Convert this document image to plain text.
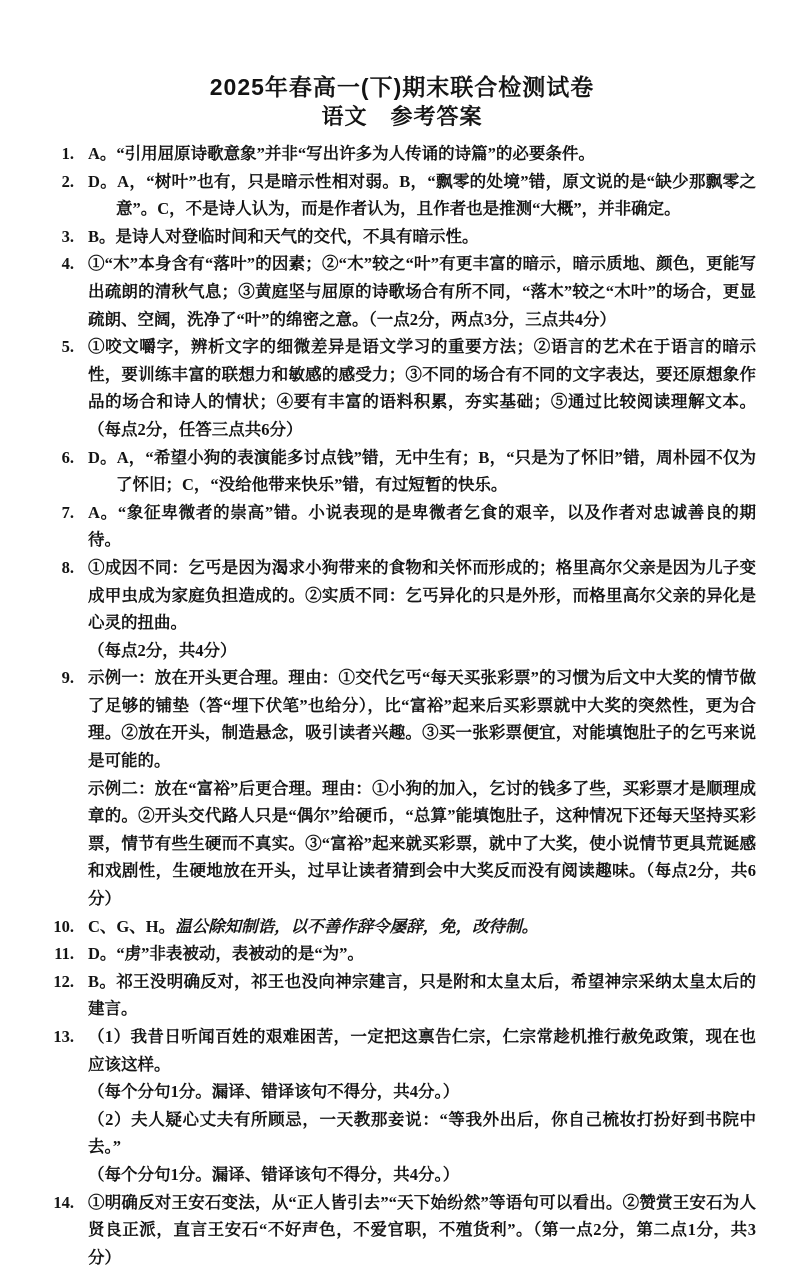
2025年春高一(下)期末联合检测试卷
语文　参考答案
1. A。“引用屈原诗歌意象”并非“写出许多为人传诵的诗篇”的必要条件。
2. D。A，“树叶”也有，只是暗示性相对弱。B，“飘零的处境”错，原文说的是“缺少那飘零之意”。C，不是诗人认为，而是作者认为，且作者也是推测“大概”，并非确定。
3. B。是诗人对登临时间和天气的交代，不具有暗示性。
4. ①“木”本身含有“落叶”的因素；②“木”较之“叶”有更丰富的暗示，暗示质地、颜色，更能写出疏朗的清秋气息；③黄庭坚与屈原的诗歌场合有所不同，“落木”较之“木叶”的场合，更显疏朗、空阔，洗净了“叶”的绵密之意。（一点2分，两点3分，三点共4分）
5. ①咬文嚼字，辨析文字的细微差异是语文学习的重要方法；②语言的艺术在于语言的暗示性，要训练丰富的联想力和敏感的感受力；③不同的场合有不同的文字表达，要还原想象作品的场合和诗人的情状；④要有丰富的语料积累，夯实基础；⑤通过比较阅读理解文本。（每点2分，任答三点共6分）
6. D。A，“希望小狗的表演能多讨点钱”错，无中生有；B，“只是为了怀旧”错，周朴园不仅为了怀旧；C，“没给他带来快乐”错，有过短暂的快乐。
7. A。“象征卑微者的崇高”错。小说表现的是卑微者乞食的艰辛，以及作者对忠诚善良的期待。
8. ①成因不同：乞丐是因为渴求小狗带来的食物和关怀而形成的；格里高尔父亲是因为儿子变成甲虫成为家庭负担造成的。②实质不同：乞丐异化的只是外形，而格里高尔父亲的异化是心灵的扭曲。
（每点2分，共4分）
9. 示例一：放在开头更合理。理由：①交代乞丐“每天买张彩票”的习惯为后文中大奖的情节做了足够的铺垫（答“埋下伏笔”也给分），比“富裕”起来后买彩票就中大奖的突然性，更为合理。②放在开头，制造悬念，吸引读者兴趣。③买一张彩票便宜，对能填饱肚子的乞丐来说是可能的。
示例二：放在“富裕”后更合理。理由：①小狗的加入，乞讨的钱多了些，买彩票才是顺理成章的。②开头交代路人只是“偶尔”给硬币，“总算”能填饱肚子，这种情况下还每天坚持买彩票，情节有些生硬而不真实。③“富裕”起来就买彩票，就中了大奖，使小说情节更具荒诞感和戏剧性，生硬地放在开头，过早让读者猜到会中大奖反而没有阅读趣味。（每点2分，共6分）
10. C、G、H。温公除知制诰，以不善作辞令屡辞，免，改待制。
11. D。“虏”非表被动，表被动的是“为”。
12. B。祁王没明确反对，祁王也没向神宗建言，只是附和太皇太后，希望神宗采纳太皇太后的建言。
13. （1）我昔日听闻百姓的艰难困苦，一定把这禀告仁宗，仁宗常趁机推行赦免政策，现在也应该这样。
（每个分句1分。漏译、错译该句不得分，共4分。）
（2）夫人疑心丈夫有所顾忌，一天教那妾说：“等我外出后，你自己梳妆打扮好到书院中去。”
（每个分句1分。漏译、错译该句不得分，共4分。）
14. ①明确反对王安石变法，从“正人皆引去”“天下始纷然”等语句可以看出。②赞赏王安石为人贤良正派，直言王安石“不好声色，不爱官职，不殖货利”。（第一点2分，第二点1分，共3分）
